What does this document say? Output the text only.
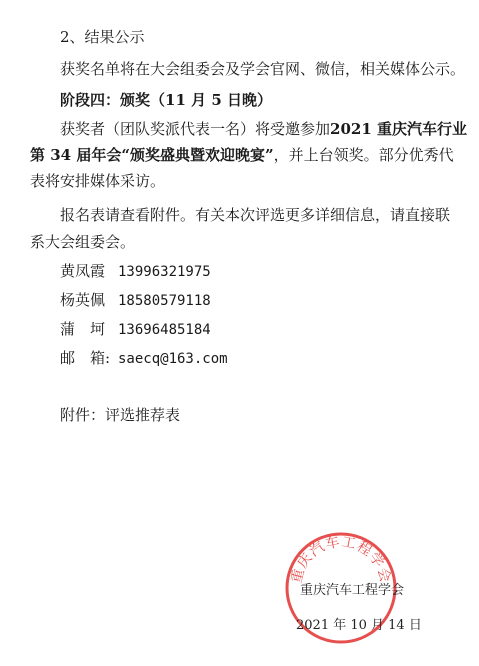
2、结果公示
获奖名单将在大会组委会及学会官网、微信，相关媒体公示。
阶段四：颁奖（11 月 5 日晚）
获奖者（团队奖派代表一名）将受邀参加2021 重庆汽车行业
第 34 届年会“颁奖盛典暨欢迎晚宴”，并上台领奖。部分优秀代
表将安排媒体采访。
报名表请查看附件。有关本次评选更多详细信息，请直接联
系大会组委会。
黄凤霞 13996321975
杨英佩 18580579118
蒲　坷 13696485184
邮　箱: saecq@163.com
附件：评选推荐表
重庆汽车工程学会
重庆汽车工程学会
2021 年 10 月 14 日
